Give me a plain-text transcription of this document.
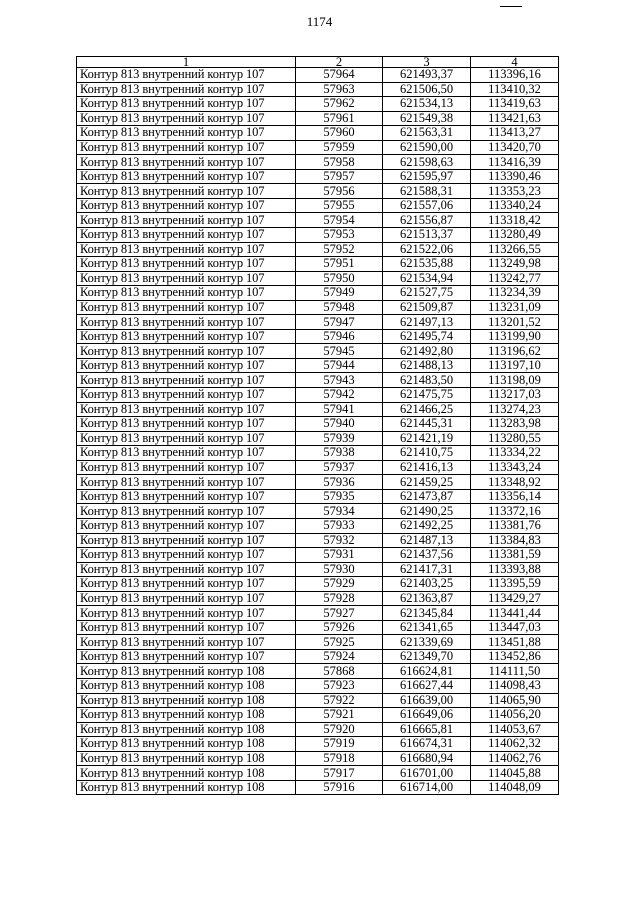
1174
1	2	3	4
Контур 813 внутренний контур 107	57964	621493,37	113396,16
Контур 813 внутренний контур 107	57963	621506,50	113410,32
Контур 813 внутренний контур 107	57962	621534,13	113419,63
Контур 813 внутренний контур 107	57961	621549,38	113421,63
Контур 813 внутренний контур 107	57960	621563,31	113413,27
Контур 813 внутренний контур 107	57959	621590,00	113420,70
Контур 813 внутренний контур 107	57958	621598,63	113416,39
Контур 813 внутренний контур 107	57957	621595,97	113390,46
Контур 813 внутренний контур 107	57956	621588,31	113353,23
Контур 813 внутренний контур 107	57955	621557,06	113340,24
Контур 813 внутренний контур 107	57954	621556,87	113318,42
Контур 813 внутренний контур 107	57953	621513,37	113280,49
Контур 813 внутренний контур 107	57952	621522,06	113266,55
Контур 813 внутренний контур 107	57951	621535,88	113249,98
Контур 813 внутренний контур 107	57950	621534,94	113242,77
Контур 813 внутренний контур 107	57949	621527,75	113234,39
Контур 813 внутренний контур 107	57948	621509,87	113231,09
Контур 813 внутренний контур 107	57947	621497,13	113201,52
Контур 813 внутренний контур 107	57946	621495,74	113199,90
Контур 813 внутренний контур 107	57945	621492,80	113196,62
Контур 813 внутренний контур 107	57944	621488,13	113197,10
Контур 813 внутренний контур 107	57943	621483,50	113198,09
Контур 813 внутренний контур 107	57942	621475,75	113217,03
Контур 813 внутренний контур 107	57941	621466,25	113274,23
Контур 813 внутренний контур 107	57940	621445,31	113283,98
Контур 813 внутренний контур 107	57939	621421,19	113280,55
Контур 813 внутренний контур 107	57938	621410,75	113334,22
Контур 813 внутренний контур 107	57937	621416,13	113343,24
Контур 813 внутренний контур 107	57936	621459,25	113348,92
Контур 813 внутренний контур 107	57935	621473,87	113356,14
Контур 813 внутренний контур 107	57934	621490,25	113372,16
Контур 813 внутренний контур 107	57933	621492,25	113381,76
Контур 813 внутренний контур 107	57932	621487,13	113384,83
Контур 813 внутренний контур 107	57931	621437,56	113381,59
Контур 813 внутренний контур 107	57930	621417,31	113393,88
Контур 813 внутренний контур 107	57929	621403,25	113395,59
Контур 813 внутренний контур 107	57928	621363,87	113429,27
Контур 813 внутренний контур 107	57927	621345,84	113441,44
Контур 813 внутренний контур 107	57926	621341,65	113447,03
Контур 813 внутренний контур 107	57925	621339,69	113451,88
Контур 813 внутренний контур 107	57924	621349,70	113452,86
Контур 813 внутренний контур 108	57868	616624,81	114111,50
Контур 813 внутренний контур 108	57923	616627,44	114098,43
Контур 813 внутренний контур 108	57922	616639,00	114065,90
Контур 813 внутренний контур 108	57921	616649,06	114056,20
Контур 813 внутренний контур 108	57920	616665,81	114053,67
Контур 813 внутренний контур 108	57919	616674,31	114062,32
Контур 813 внутренний контур 108	57918	616680,94	114062,76
Контур 813 внутренний контур 108	57917	616701,00	114045,88
Контур 813 внутренний контур 108	57916	616714,00	114048,09
